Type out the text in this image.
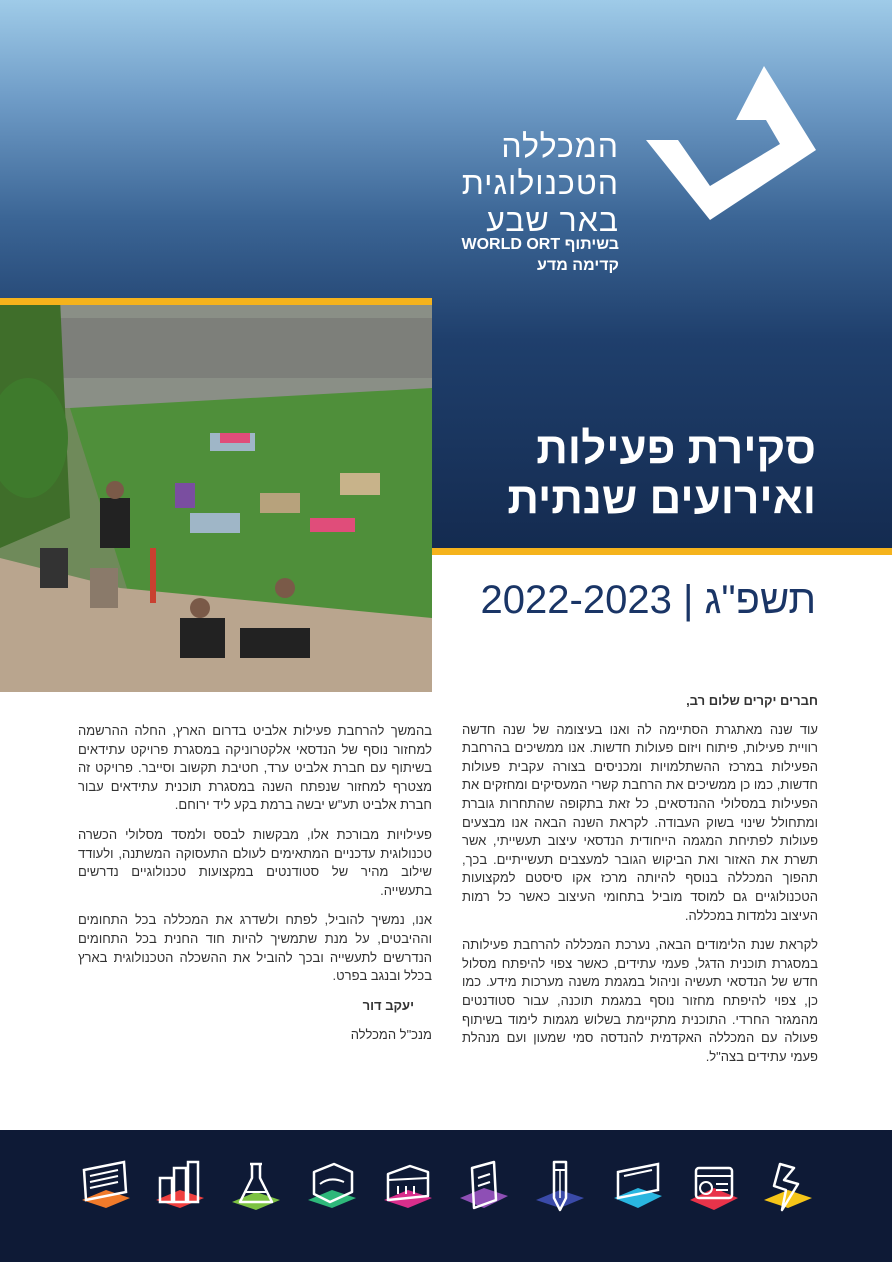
המכללה
הטכנולוגית
באר שבע
בשיתוף WORLD ORT
קדימה מדע
סקירת פעילות
ואירועים שנתית
תשפ"ג | 2022-2023

חברים יקרים שלום רב,

עוד שנה מאתגרת הסתיימה לה ואנו בעיצומה של שנה חדשה רוויית פעילות, פיתוח ויזום פעולות חדשות. אנו ממשיכים בהרחבת הפעילות במרכז ההשתלמויות ומכניסים בצורה עקבית פעולות חדשות, כמו כן ממשיכים את הרחבת קשרי המעסיקים ומחזקים את הפעילות במסלולי ההנדסאים, כל זאת בתקופה שהתחרות גוברת ומתחולל שינוי בשוק העבודה. לקראת השנה הבאה אנו מבצעים פעולות לפתיחת המגמה הייחודית הנדסאי עיצוב תעשייתי, אשר תשרת את האזור ואת הביקוש הגובר למעצבים תעשייתיים. בכך, תהפוך המכללה בנוסף להיותה מרכז אקו סיסטם למקצועות הטכנולוגיים גם למוסד מוביל בתחומי העיצוב כאשר כל רמות העיצוב נלמדות במכללה.

לקראת שנת הלימודים הבאה, נערכת המכללה להרחבת פעילותה במסגרת תוכנית הדגל, פעמי עתידים, כאשר צפוי להיפתח מסלול חדש של הנדסאי תעשיה וניהול במגמת משנה מערכות מידע. כמו כן, צפוי להיפתח מחזור נוסף במגמת תוכנה, עבור סטודנטים מהמגזר החרדי. התוכנית מתקיימת בשלוש מגמות לימוד בשיתוף פעולה עם המכללה האקדמית להנדסה סמי שמעון ועם מנהלת פעמי עתידים בצה"ל.

בהמשך להרחבת פעילות אלביט בדרום הארץ, החלה ההרשמה למחזור נוסף של הנדסאי אלקטרוניקה במסגרת פרויקט עתידאים בשיתוף עם חברת אלביט ערד, חטיבת תקשוב וסייבר. פרויקט זה מצטרף למחזור שנפתח השנה במסגרת תוכנית עתידאים עבור חברת אלביט תע"ש יבשה ברמת בקע ליד ירוחם.

פעילויות מבורכת אלו, מבקשות לבסס ולמסד מסלולי הכשרה טכנולוגית עדכניים המתאימים לעולם התעסוקה המשתנה, ולעודד שילוב מהיר של סטודנטים במקצועות טכנולוגיים נדרשים בתעשייה.

אנו, נמשיך להוביל, לפתח ולשדרג את המכללה בכל התחומים וההיבטים, על מנת שתמשיך להיות חוד החנית בכל התחומים הנדרשים לתעשייה ובכך להוביל את ההשכלה הטכנולוגית בארץ בכלל ובנגב בפרט.

יעקב דור

מנכ"ל המכללה
